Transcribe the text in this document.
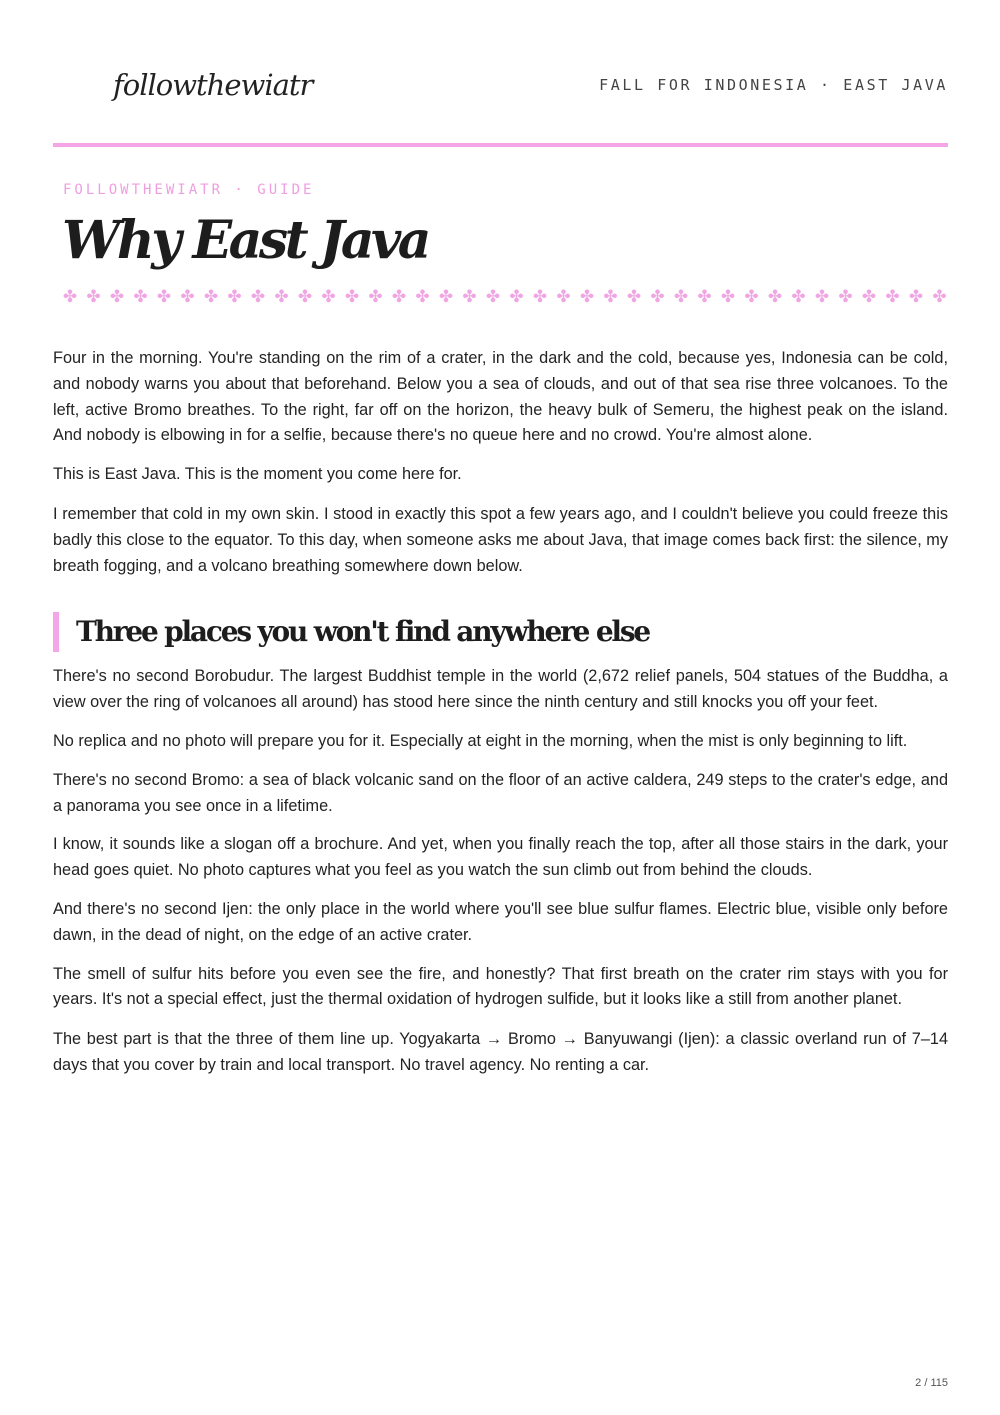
followthewiatr	FALL FOR INDONESIA · EAST JAVA
FOLLOWTHEWIATR · GUIDE
Why East Java
✤ ✤ ✤ ✤ ✤ ✤ ✤ ✤ ✤ ✤ ✤ ✤ ✤ ✤ ✤ ✤ ✤ ✤ ✤ ✤ ✤ ✤ ✤ ✤ ✤ ✤ ✤ ✤ ✤ ✤ ✤ ✤ ✤ ✤ ✤ ✤ ✤ ✤

Four in the morning. You're standing on the rim of a crater, in the dark and the cold, because yes, Indonesia can be cold, and nobody warns you about that beforehand. Below you a sea of clouds, and out of that sea rise three volcanoes. To the left, active Bromo breathes. To the right, far off on the horizon, the heavy bulk of Semeru, the highest peak on the island. And nobody is elbowing in for a selfie, because there's no queue here and no crowd. You're almost alone.

This is East Java. This is the moment you come here for.

I remember that cold in my own skin. I stood in exactly this spot a few years ago, and I couldn't believe you could freeze this badly this close to the equator. To this day, when someone asks me about Java, that image comes back first: the silence, my breath fogging, and a volcano breathing somewhere down below.

Three places you won't find anywhere else

There's no second Borobudur. The largest Buddhist temple in the world (2,672 relief panels, 504 statues of the Buddha, a view over the ring of volcanoes all around) has stood here since the ninth century and still knocks you off your feet.

No replica and no photo will prepare you for it. Especially at eight in the morning, when the mist is only beginning to lift.

There's no second Bromo: a sea of black volcanic sand on the floor of an active caldera, 249 steps to the crater's edge, and a panorama you see once in a lifetime.

I know, it sounds like a slogan off a brochure. And yet, when you finally reach the top, after all those stairs in the dark, your head goes quiet. No photo captures what you feel as you watch the sun climb out from behind the clouds.

And there's no second Ijen: the only place in the world where you'll see blue sulfur flames. Electric blue, visible only before dawn, in the dead of night, on the edge of an active crater.

The smell of sulfur hits before you even see the fire, and honestly? That first breath on the crater rim stays with you for years. It's not a special effect, just the thermal oxidation of hydrogen sulfide, but it looks like a still from another planet.

The best part is that the three of them line up. Yogyakarta → Bromo → Banyuwangi (Ijen): a classic overland run of 7–14 days that you cover by train and local transport. No travel agency. No renting a car.

2 / 115
